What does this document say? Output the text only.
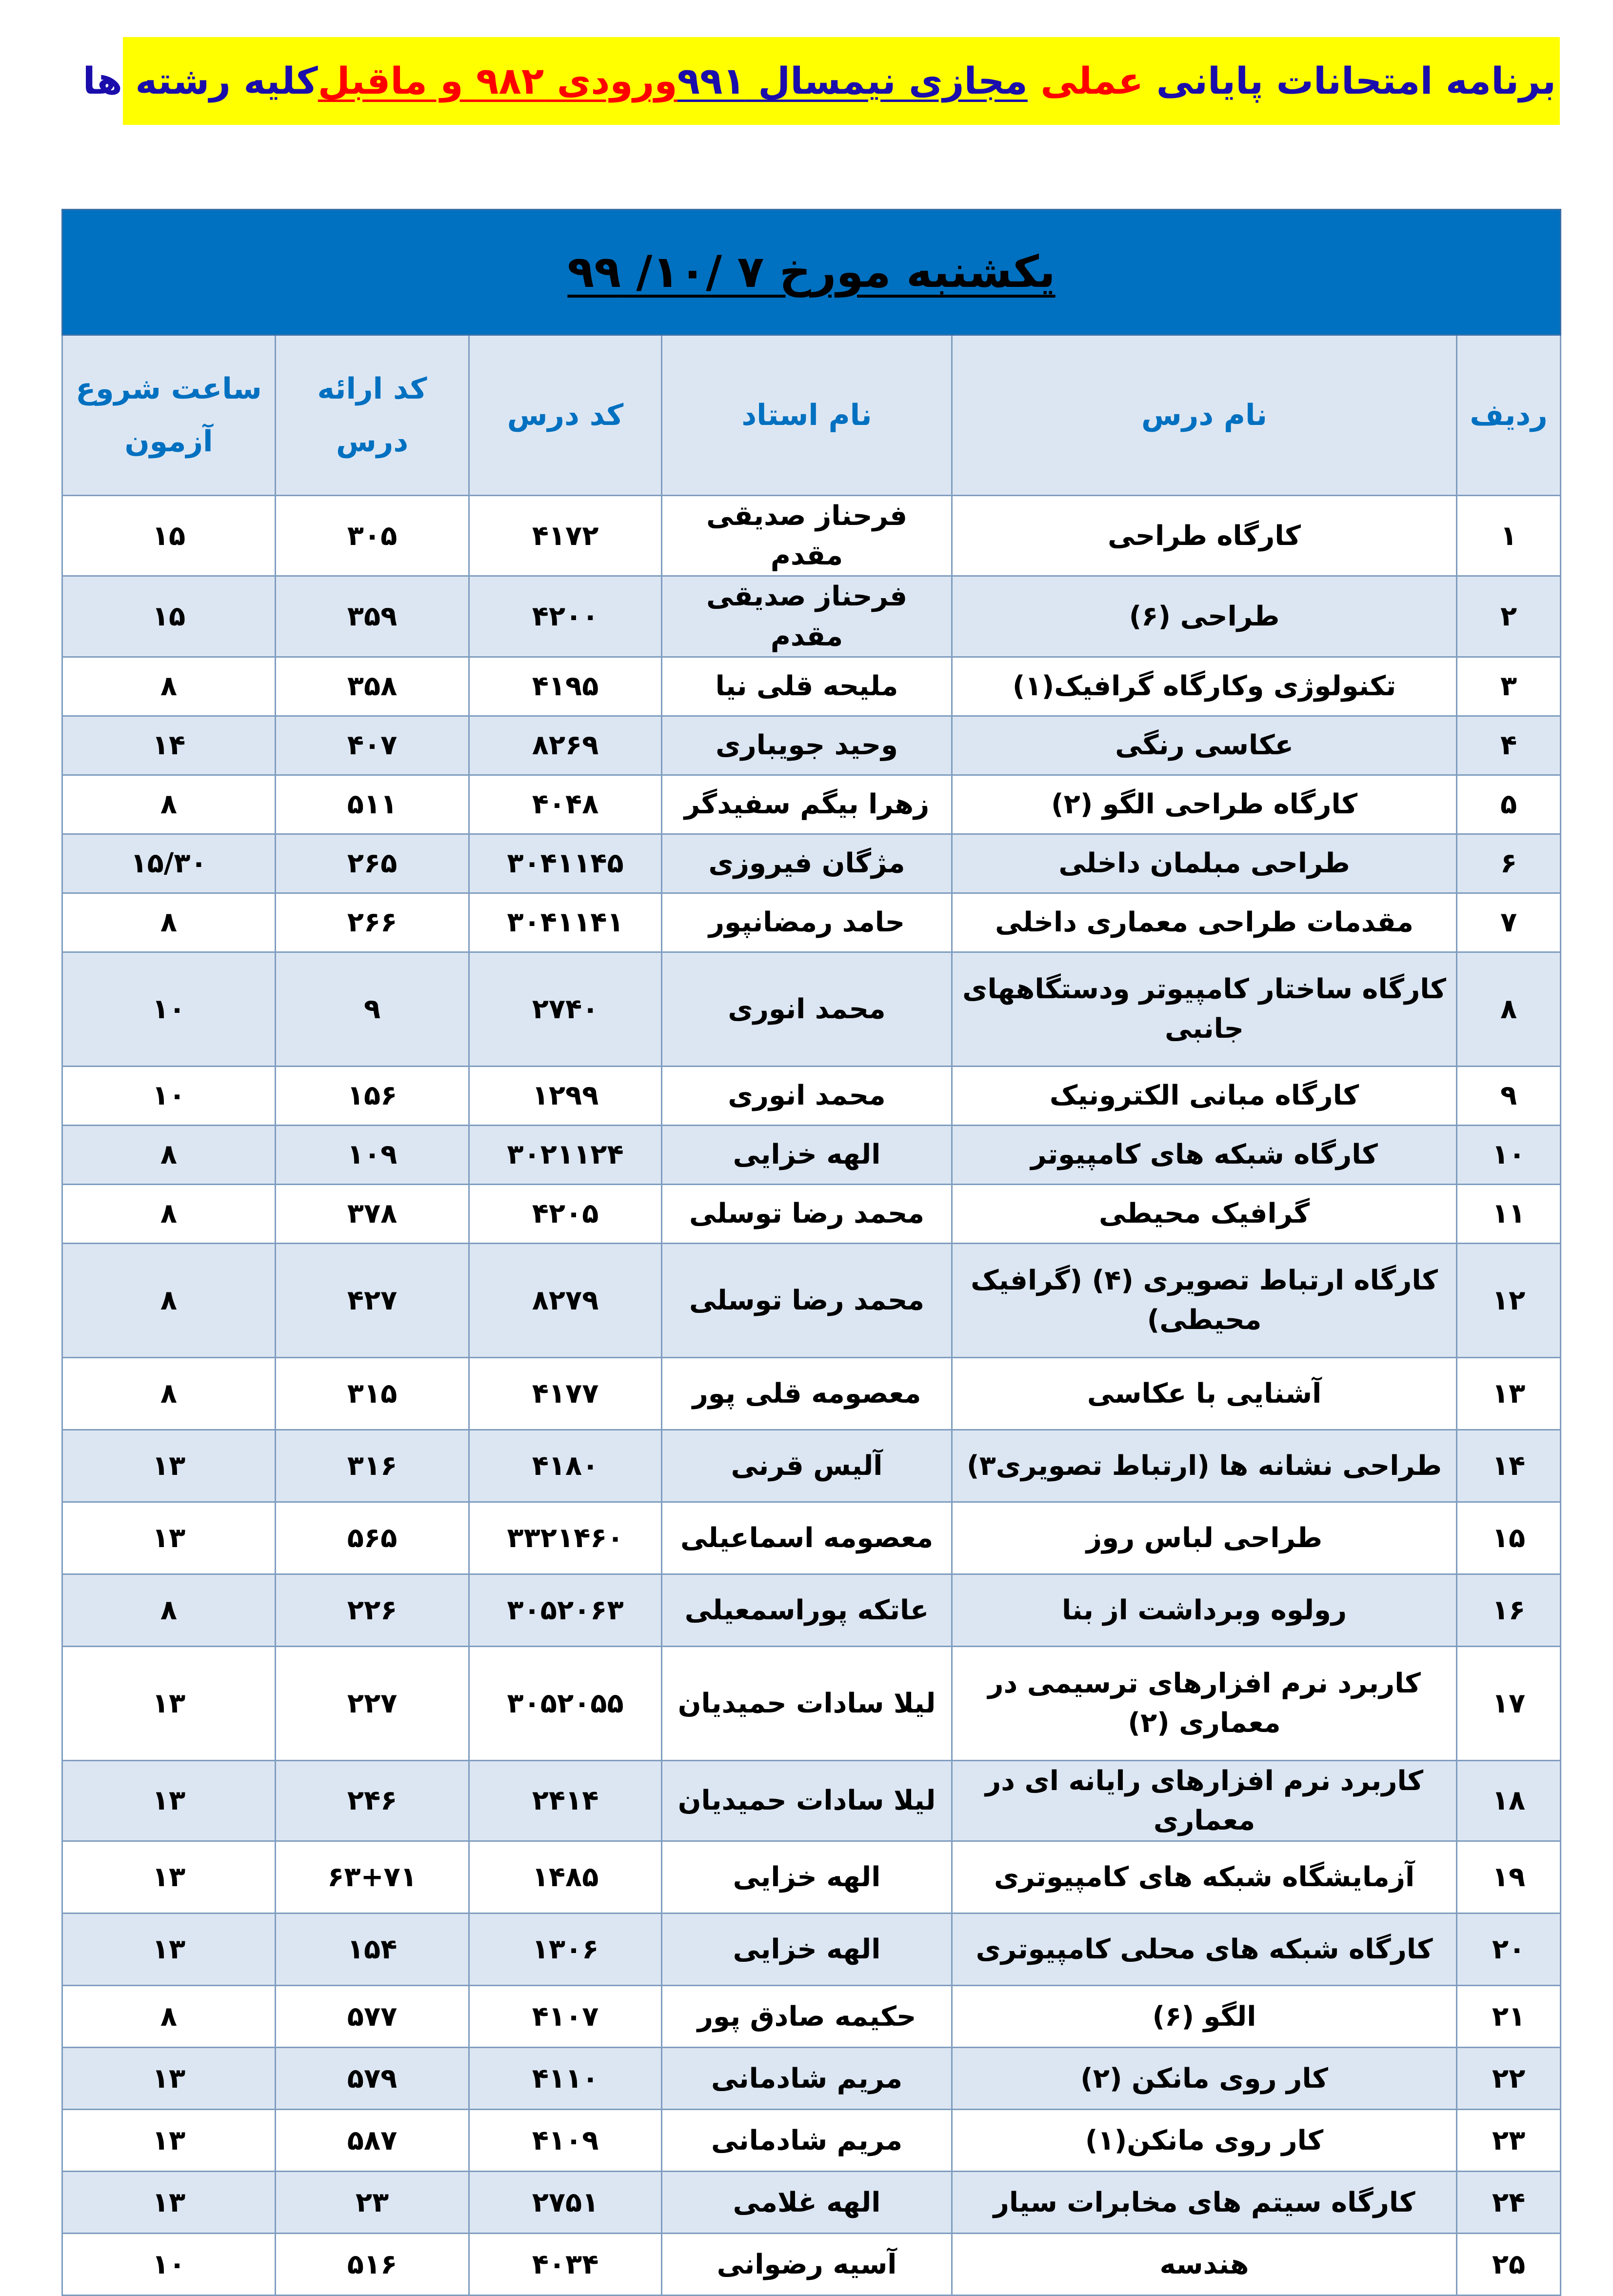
برنامه امتحانات پایانی

عملی

مجازی نیمسال ۹۹۱
ورودی ۹۸۲ و ماقبل
کلیه رشته ها
یکشنبه مورخ ۷ /۱۰/ ۹۹					
ردیف	نام درس	نام استاد	کد درس	کد ارائه درس	ساعت شروع آزمون
۱	کارگاه طراحی	فرحناز صدیقی مقدم	۴۱۷۲	۳۰۵	۱۵
۲	طراحی (۶)	فرحناز صدیقی مقدم	۴۲۰۰	۳۵۹	۱۵
۳	تکنولوژی وکارگاه گرافیک(۱)	ملیحه قلی نیا	۴۱۹۵	۳۵۸	۸
۴	عکاسی رنگی	وحید جویباری	۸۲۶۹	۴۰۷	۱۴
۵	کارگاه طراحی الگو (۲)	زهرا بیگم سفیدگر	۴۰۴۸	۵۱۱	۸
۶	طراحی مبلمان داخلی	مژگان فیروزی	۳۰۴۱۱۴۵	۲۶۵	۱۵/۳۰
۷	مقدمات طراحی معماری داخلی	حامد رمضانپور	۳۰۴۱۱۴۱	۲۶۶	۸
۸	کارگاه ساختار کامپیوتر ودستگاههای جانبی	محمد انوری	۲۷۴۰	۹	۱۰
۹	کارگاه مبانی الکترونیک	محمد انوری	۱۲۹۹	۱۵۶	۱۰
۱۰	کارگاه شبکه های کامپیوتر	الهه خزایی	۳۰۲۱۱۲۴	۱۰۹	۸
۱۱	گرافیک محیطی	محمد رضا توسلی	۴۲۰۵	۳۷۸	۸
۱۲	کارگاه ارتباط تصویری (۴) (گرافیک محیطی)	محمد رضا توسلی	۸۲۷۹	۴۲۷	۸
۱۳	آشنایی با عکاسی	معصومه قلی پور	۴۱۷۷	۳۱۵	۸
۱۴	طراحی نشانه ها (ارتباط تصویری۳)	آلیس قرنی	۴۱۸۰	۳۱۶	۱۳
۱۵	طراحی لباس روز	معصومه اسماعیلی	۳۳۲۱۴۶۰	۵۶۵	۱۳
۱۶	رولوه وبرداشت از بنا	عاتکه پوراسمعیلی	۳۰۵۲۰۶۳	۲۲۶	۸
۱۷	کاربرد نرم افزارهای ترسیمی در معماری (۲)	لیلا سادات حمیدیان	۳۰۵۲۰۵۵	۲۲۷	۱۳
۱۸	کاربرد نرم افزارهای رایانه ای در معماری	لیلا سادات حمیدیان	۲۴۱۴	۲۴۶	۱۳
۱۹	آزمایشگاه شبکه های کامپیوتری	الهه خزایی	۱۴۸۵	۶۳+۷۱	۱۳
۲۰	کارگاه شبکه های محلی کامپیوتری	الهه خزایی	۱۳۰۶	۱۵۴	۱۳
۲۱	الگو (۶)	حکیمه صادق پور	۴۱۰۷	۵۷۷	۸
۲۲	کار روی مانکن (۲)	مریم شادمانی	۴۱۱۰	۵۷۹	۱۳
۲۳	کار روی مانکن(۱)	مریم شادمانی	۴۱۰۹	۵۸۷	۱۳
۲۴	کارگاه سیتم های مخابرات سیار	الهه غلامی	۲۷۵۱	۲۳	۱۳
۲۵	هندسه	آسیه رضوانی	۴۰۳۴	۵۱۶	۱۰
